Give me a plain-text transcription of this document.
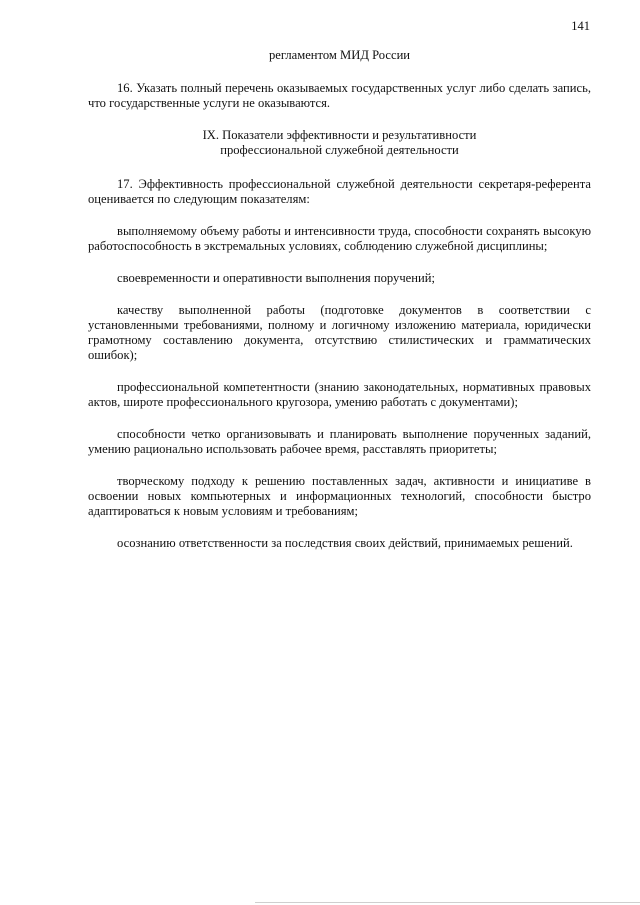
141

регламентом МИД России

16. Указать полный перечень оказываемых государственных услуг либо сделать запись, что государственные услуги не оказываются.

IX. Показатели эффективности и результативности
профессиональной служебной деятельности

17. Эффективность профессиональной служебной деятельности секретаря-референта оценивается по следующим показателям:

выполняемому объему работы и интенсивности труда, способности сохранять высокую работоспособность в экстремальных условиях, соблюдению служебной дисциплины;

своевременности и оперативности выполнения поручений;

качеству выполненной работы (подготовке документов в соответствии с установленными требованиями, полному и логичному изложению материала, юридически грамотному составлению документа, отсутствию стилистических и грамматических ошибок);

профессиональной компетентности (знанию законодательных, нормативных правовых актов, широте профессионального кругозора, умению работать с документами);

способности четко организовывать и планировать выполнение порученных заданий, умению рационально использовать рабочее время, расставлять приоритеты;

творческому подходу к решению поставленных задач, активности и инициативе в освоении новых компьютерных и информационных технологий, способности быстро адаптироваться к новым условиям и требованиям;

осознанию ответственности за последствия своих действий, принимаемых решений.
